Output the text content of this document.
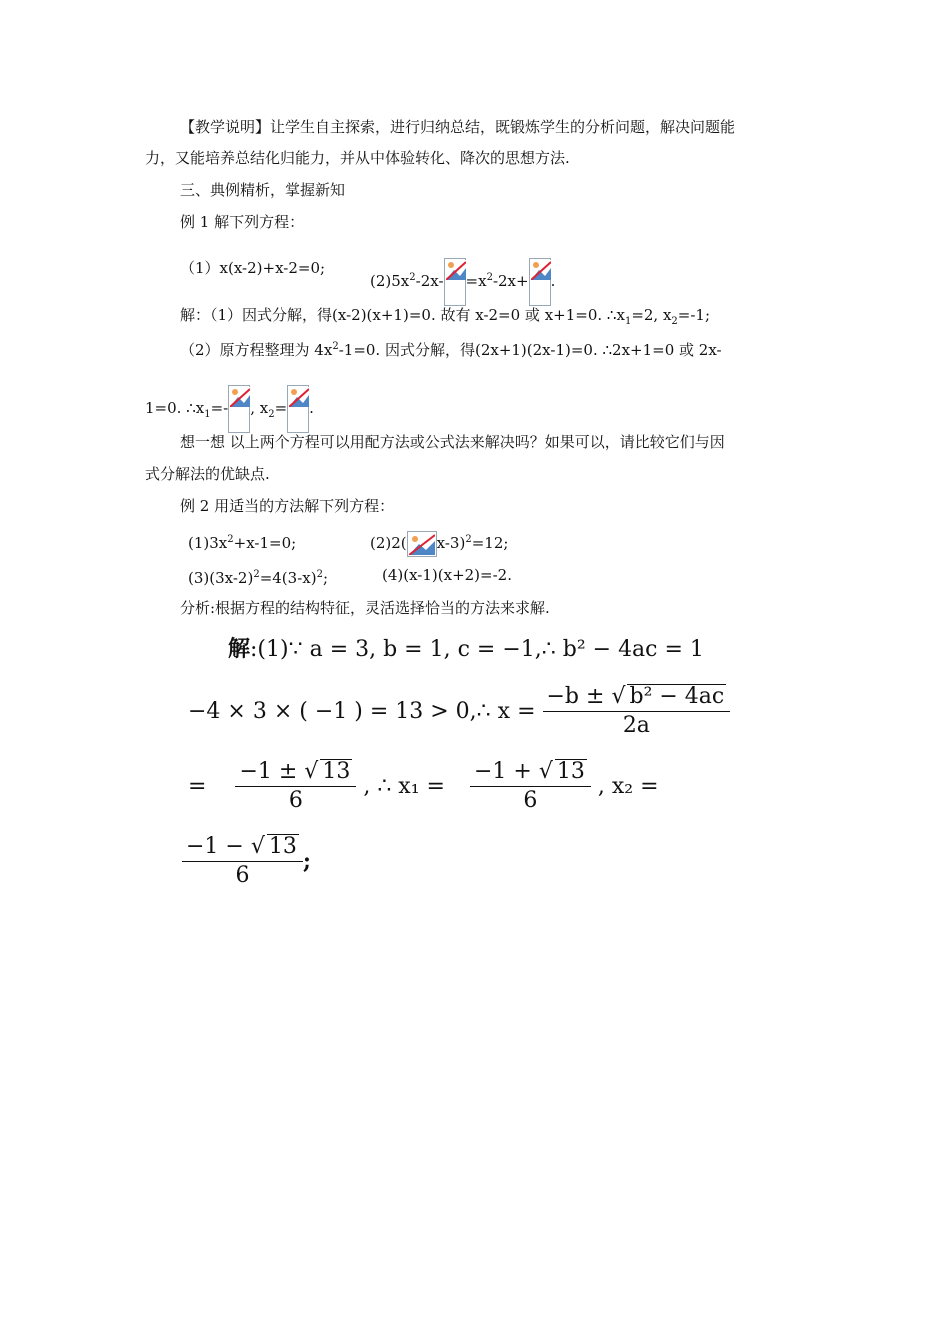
【教学说明】让学生自主探索，进行归纳总结，既锻炼学生的分析问题，解决问题能
力，又能培养总结化归能力，并从中体验转化、降次的思想方法.
三、典例精析，掌握新知
例 1 解下列方程：
（1）x(x-2)+x-2=0;
$(2)5x^2-2x- =x^2-2x+$ .
解：（1）因式分解，得(x-2)(x+1)=0. 故有 x-2=0 或 x+1=0. $\therefore x_1=2$, $x_2=-1$;
（2）原方程整理为 $4x^2-1=0$. 因式分解，得(2x+1)(2x-1)=0. ∴2x+1=0 或 2x-
1=0. $\therefore x_1=-$ , $x_2=$ .
想一想 以上两个方程可以用配方法或公式法来解决吗？如果可以，请比较它们与因
式分解法的优缺点.
例 2 用适当的方法解下列方程：
$(1)3x^2+x-1=0$;	(2)2( x-3)$^2$=12;
$(3)(3x-2)^2=4(3-x)^2$;	(4)(x-1)(x+2)=-2.
分析:根据方程的结构特征，灵活选择恰当的方法来求解.
解:(1)∵ a = 3, b = 1, c = −1,∴ b² − 4ac = 1
−4 × 3 × ( −1 ) = 13 > 0,∴ $x = \frac{\text{−b ± √ b² − 4ac}}{2a}$
= $\frac{-1 \pm √ 13}{6}$ , ∴ $x_1 = \frac{-1 + √ 13}{6}$ , x₂ =
$\frac{-1 - √ 13}{6}$ ;
